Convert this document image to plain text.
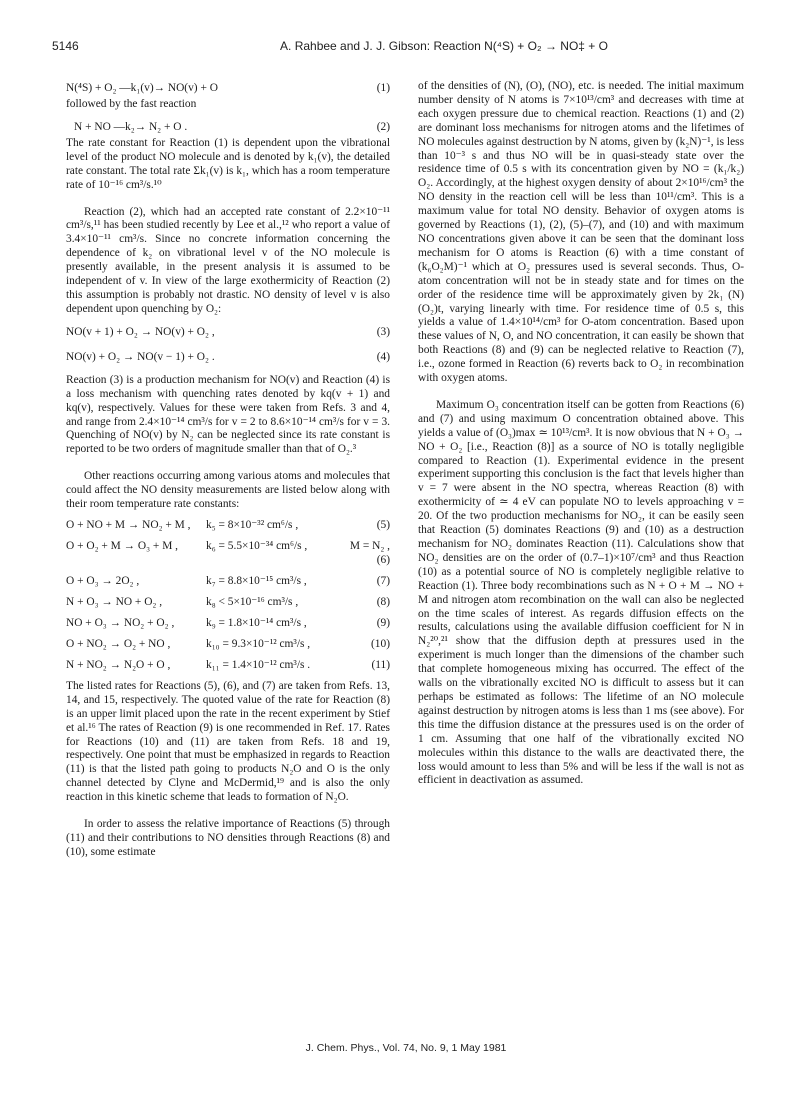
5146	A. Rahbee and J. J. Gibson: Reaction N(⁴S) + O₂ → NO‡ + O
N(⁴S) + O₂ —k₁(v)→ NO(v) + O	(1)

followed by the fast reaction

N + NO —k₂→ N₂ + O .	(2)

The rate constant for Reaction (1) is dependent upon the vibrational level of the product NO molecule and is denoted by k₁(v), the detailed rate constant. The total rate Σk₁(v) is k₁, which has a room temperature rate of 10⁻¹⁶ cm³/s.¹⁰

Reaction (2), which had an accepted rate constant of 2.2×10⁻¹¹ cm³/s,¹¹ has been studied recently by Lee et al.,¹² who report a value of 3.4×10⁻¹¹ cm³/s. Since no concrete information concerning the dependence of k₂ on vibrational level v of the NO molecule is presently available, in the present analysis it is assumed to be independent of v. In view of the large exothermicity of Reaction (2) this assumption is probably not drastic. NO density of level v is also dependent upon quenching by O₂:

NO(v + 1) + O₂ → NO(v) + O₂ ,	(3)
NO(v) + O₂ → NO(v − 1) + O₂ .	(4)

Reaction (3) is a production mechanism for NO(v) and Reaction (4) is a loss mechanism with quenching rates denoted by kq(v + 1) and kq(v), respectively. Values for these were taken from Refs. 3 and 4, and range from 2.4×10⁻¹⁴ cm³/s for v = 2 to 8.6×10⁻¹⁴ cm³/s for v = 3. Quenching of NO(v) by N₂ can be neglected since its rate constant is reported to be two orders of magnitude smaller than that of O₂.³

Other reactions occurring among various atoms and molecules that could affect the NO density measurements are listed below along with their room temperature rate constants:

O + NO + M → NO₂ + M ,	k₅ = 8×10⁻³² cm⁶/s ,	(5)
O + O₂ + M → O₃ + M ,	k₆ = 5.5×10⁻³⁴ cm⁶/s ,	M = N₂ ,
(6)
O + O₃ → 2O₂ ,	k₇ = 8.8×10⁻¹⁵ cm³/s ,	(7)
N + O₃ → NO + O₂ ,	k₈ < 5×10⁻¹⁶ cm³/s ,	(8)
NO + O₃ → NO₂ + O₂ ,	k₉ = 1.8×10⁻¹⁴ cm³/s ,	(9)
O + NO₂ → O₂ + NO ,	k₁₀ = 9.3×10⁻¹² cm³/s ,	(10)
N + NO₂ → N₂O + O ,	k₁₁ = 1.4×10⁻¹² cm³/s .	(11)

The listed rates for Reactions (5), (6), and (7) are taken from Refs. 13, 14, and 15, respectively. The quoted value of the rate for Reaction (8) is an upper limit placed upon the rate in the recent experiment by Stief et al.¹⁶ The rates of Reaction (9) is one recommended in Ref. 17. Rates for Reactions (10) and (11) are taken from Refs. 18 and 19, respectively. One point that must be emphasized in regards to Reaction (11) is that the listed path going to products N₂O and O is the only channel detected by Clyne and McDermid,¹⁹ and is also the only reaction in this kinetic scheme that leads to formation of N₂O.

In order to assess the relative importance of Reactions (5) through (11) and their contributions to NO densities through Reactions (8) and (10), some estimate

of the densities of (N), (O), (NO), etc. is needed. The initial maximum number density of N atoms is 7×10¹³/cm³ and decreases with time at each oxygen pressure due to chemical reaction. Reactions (1) and (2) are dominant loss mechanisms for nitrogen atoms and the lifetimes of NO molecules against destruction by N atoms, given by (k₂N)⁻¹, is less than 10⁻³ s and thus NO will be in quasi-steady state over the residence time of 0.5 s with its concentration given by NO = (k₁/k₂) O₂. Accordingly, at the highest oxygen density of about 2×10¹⁶/cm³ the NO density in the reaction cell will be less than 10¹¹/cm³. This is a maximum value for total NO density. Behavior of oxygen atoms is governed by Reactions (1), (2), (5)–(7), and (10) and with maximum NO concentrations given above it can be seen that the dominant loss mechanism for O atoms is Reaction (6) with a time constant of (k₆O₂M)⁻¹ which at O₂ pressures used is several seconds. Thus, O-atom concentration will not be in steady state and for times on the order of the residence time will be approximately given by 2k₁ (N)(O₂)t, varying linearly with time. For residence time of 0.5 s, this yields a value of 1.4×10¹⁴/cm³ for O-atom concentration. Based upon these values of N, O, and NO concentration, it can easily be shown that both Reactions (8) and (9) can be neglected relative to Reaction (7), i.e., ozone formed in Reaction (6) reverts back to O₂ in recombination with oxygen atoms.

Maximum O₃ concentration itself can be gotten from Reactions (6) and (7) and using maximum O concentration obtained above. This yields a value of (O₃)max ≃ 10¹³/cm³. It is now obvious that N + O₃ → NO + O₂ [i.e., Reaction (8)] as a source of NO is totally negligible compared to Reaction (1). Experimental evidence in the present experiment supporting this conclusion is the fact that levels higher than v = 7 were absent in the NO spectra, whereas Reaction (8) with exothermicity of ≃ 4 eV can populate NO to levels approaching v = 20. Of the two production mechanisms for NO₂, it can be easily seen that Reaction (5) dominates Reactions (9) and (10) as a destruction mechanism for NO₂ dominates Reaction (11). Calculations show that NO₂ densities are on the order of (0.7–1)×10⁷/cm³ and thus Reaction (10) as a potential source of NO is completely negligible relative to Reaction (1). Three body recombinations such as N + O + M → NO + M and nitrogen atom recombination on the wall can also be neglected on the time scales of interest. As regards diffusion effects on the results, calculations using the available diffusion coefficient for N in N₂²⁰,²¹ show that the diffusion depth at pressures used in the experiment is much longer than the dimensions of the chamber such that complete homogeneous mixing has occurred. The effect of the walls on the vibrationally excited NO is difficult to assess but it can perhaps be estimated as follows: The lifetime of an NO molecule against destruction by nitrogen atoms is less than 1 ms (see above). For this time the diffusion distance at the pressures used is on the order of 1 cm. Assuming that one half of the vibrationally excited NO molecules within this distance to the walls are deactivated there, the loss would amount to less than 5% and will be less if the wall is not as efficient in deactivation as assumed.

J. Chem. Phys., Vol. 74, No. 9, 1 May 1981
